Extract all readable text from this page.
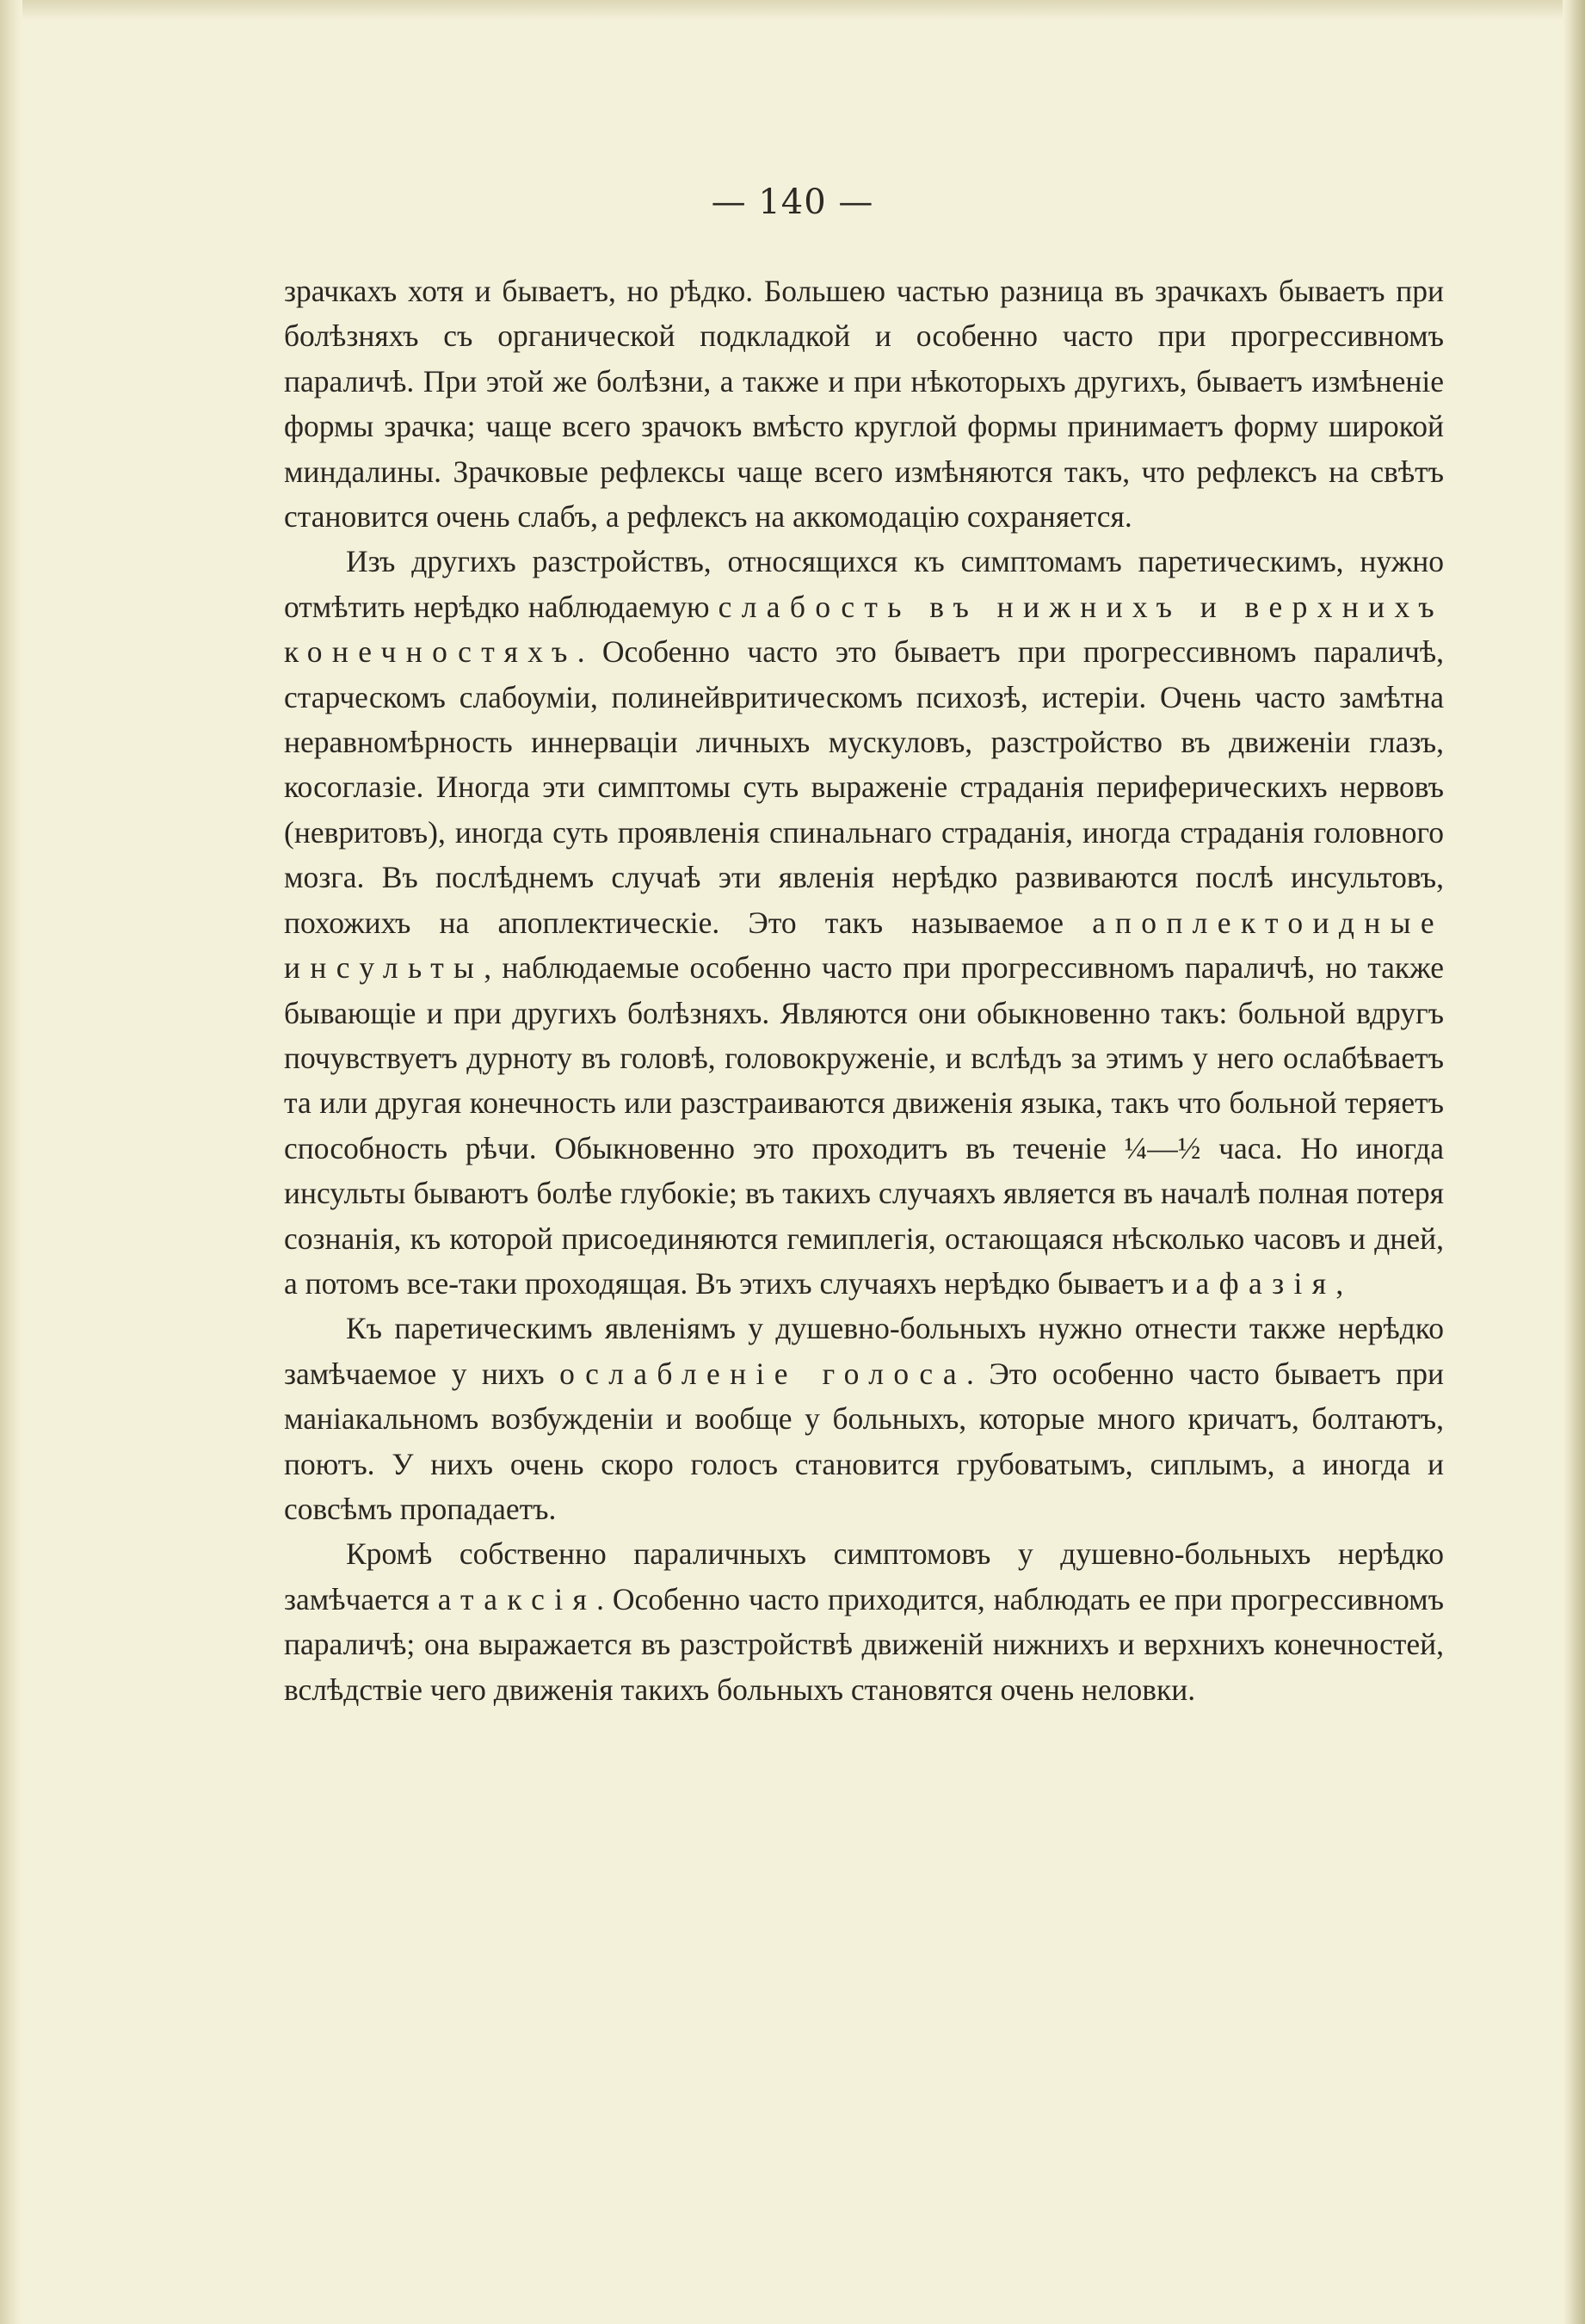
— 140 —

зрачкахъ хотя и бываетъ, но рѣдко. Большею частью разница въ зрачкахъ бываетъ при болѣзняхъ съ органической подкладкой и особенно часто при прогрессивномъ параличѣ. При этой же болѣзни, а также и при нѣкоторыхъ другихъ, бываетъ измѣненіе формы зрачка; чаще всего зрачокъ вмѣсто круглой формы принимаетъ форму широкой миндалины. Зрачковые рефлексы чаще всего измѣняются такъ, что рефлексъ на свѣтъ становится очень слабъ, а рефлексъ на аккомодацію сохраняется.

Изъ другихъ разстройствъ, относящихся къ симптомамъ паретическимъ, нужно отмѣтить нерѣдко наблюдаемую слабость въ нижнихъ и верхнихъ конечностяхъ. Особенно часто это бываетъ при прогрессивномъ параличѣ, старческомъ слабоуміи, полинейвритическомъ психозѣ, истеріи. Очень часто замѣтна неравномѣрность иннерваціи личныхъ мускуловъ, разстройство въ движеніи глазъ, косоглазіе. Иногда эти симптомы суть выраженіе страданія периферическихъ нервовъ (невритовъ), иногда суть проявленія спинальнаго страданія, иногда страданія головного мозга. Въ послѣднемъ случаѣ эти явленія нерѣдко развиваются послѣ инсультовъ, похожихъ на апоплектическіе. Это такъ называемое апоплектоидные инсульты, наблюдаемые особенно часто при прогрессивномъ параличѣ, но также бывающіе и при другихъ болѣзняхъ. Являются они обыкновенно такъ: больной вдругъ почувствуетъ дурноту въ головѣ, головокруженіе, и вслѣдъ за этимъ у него ослабѣваетъ та или другая конечность или разстраиваются движенія языка, такъ что больной теряетъ способность рѣчи. Обыкновенно это проходитъ въ теченіе ¼—½ часа. Но иногда инсульты бываютъ болѣе глубокіе; въ такихъ случаяхъ является въ началѣ полная потеря сознанія, къ которой присоединяются гемиплегія, остающаяся нѣсколько часовъ и дней, а потомъ все-таки проходящая. Въ этихъ случаяхъ нерѣдко бываетъ и афазія,

Къ паретическимъ явленіямъ у душевно-больныхъ нужно отнести также нерѣдко замѣчаемое у нихъ ослабленіе голоса. Это особенно часто бываетъ при маніакальномъ возбужденіи и вообще у больныхъ, которые много кричатъ, болтаютъ, поютъ. У нихъ очень скоро голосъ становится грубоватымъ, сиплымъ, а иногда и совсѣмъ пропадаетъ.

Кромѣ собственно параличныхъ симптомовъ у душевно-больныхъ нерѣдко замѣчается атаксія. Особенно часто приходится, наблюдать ее при прогрессивномъ параличѣ; она выражается въ разстройствѣ движеній нижнихъ и верхнихъ конечностей, вслѣдствіе чего движенія такихъ больныхъ становятся очень неловки.
